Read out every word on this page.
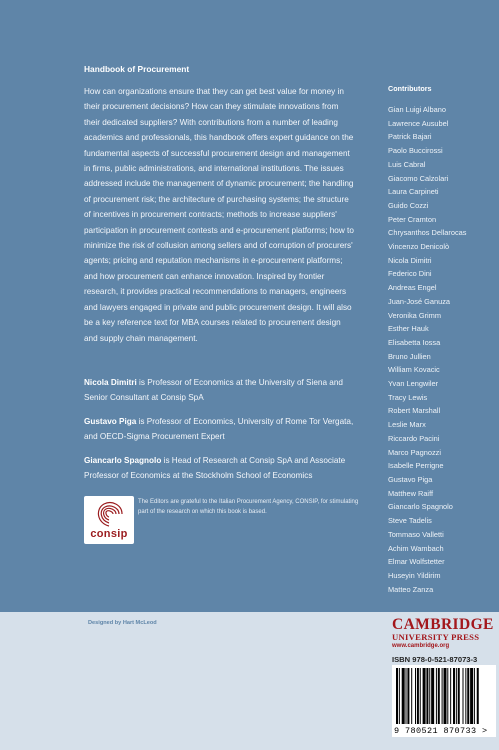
Handbook of Procurement

How can organizations ensure that they can get best value for money in their procurement decisions? How can they stimulate innovations from their dedicated suppliers? With contributions from a number of leading academics and professionals, this handbook offers expert guidance on the fundamental aspects of successful procurement design and management in firms, public administrations, and international institutions. The issues addressed include the management of dynamic procurement; the handling of procurement risk; the architecture of purchasing systems; the structure of incentives in procurement contracts; methods to increase suppliers' participation in procurement contests and e-procurement platforms; how to minimize the risk of collusion among sellers and of corruption of procurers' agents; pricing and reputation mechanisms in e-procurement platforms; and how procurement can enhance innovation. Inspired by frontier research, it provides practical recommendations to managers, engineers and lawyers engaged in private and public procurement design. It will also be a key reference text for MBA courses related to procurement design and supply chain management.

Nicola Dimitri is Professor of Economics at the University of Siena and Senior Consultant at Consip SpA

Gustavo Piga is Professor of Economics, University of Rome Tor Vergata, and OECD-Sigma Procurement Expert

Giancarlo Spagnolo is Head of Research at Consip SpA and Associate Professor of Economics at the Stockholm School of Economics

consip

The Editors are grateful to the Italian Procurement Agency, CONSIP, for stimulating part of the research on which this book is based.

Contributors
Gian Luigi Albano
Lawrence Ausubel
Patrick Bajari
Paolo Buccirossi
Luis Cabral
Giacomo Calzolari
Laura Carpineti
Guido Cozzi
Peter Cramton
Chrysanthos Dellarocas
Vincenzo Denicolò
Nicola Dimitri
Federico Dini
Andreas Engel
Juan-José Ganuza
Veronika Grimm
Esther Hauk
Elisabetta Iossa
Bruno Jullien
William Kovacic
Yvan Lengwiler
Tracy Lewis
Robert Marshall
Leslie Marx
Riccardo Pacini
Marco Pagnozzi
Isabelle Perrigne
Gustavo Piga
Matthew Raiff
Giancarlo Spagnolo
Steve Tadelis
Tommaso Valletti
Achim Wambach
Elmar Wolfstetter
Huseyin Yildirim
Matteo Zanza
Designed by Hart McLeod	CAMBRIDGE
UNIVERSITY PRESS
www.cambridge.org
ISBN 978-0-521-87073-3
9 780521 870733 >
